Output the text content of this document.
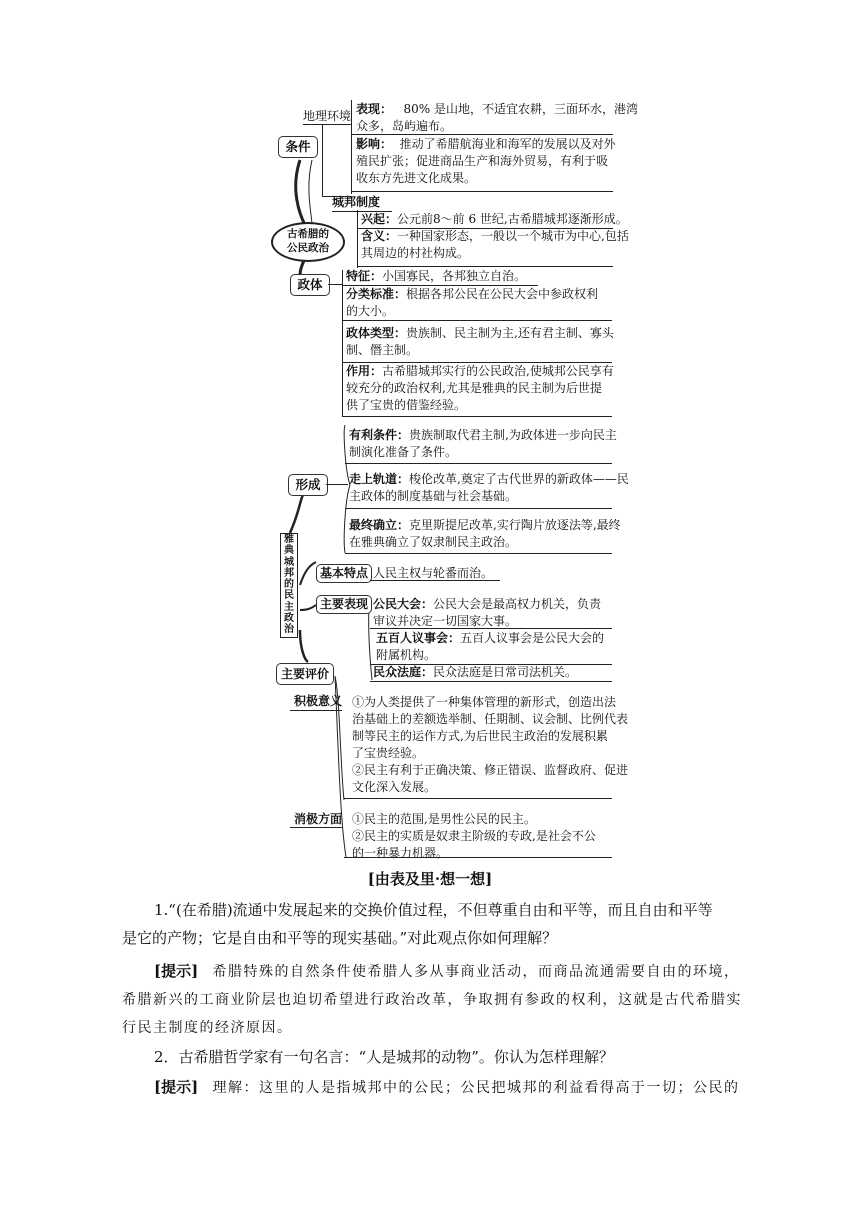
条件
地理环境 表现： 80% 是山地，不适宜农耕，三面环水，港湾
众多，岛屿遍布。
影响： 推动了希腊航海业和海军的发展以及对外
殖民扩张；促进商品生产和海外贸易，有利于吸
收东方先进文化成果。
城邦制度
兴起：公元前8～前 6 世纪,古希腊城邦逐渐形成。
含义：一种国家形态，一般以一个城市为中心,包括
其周边的村社构成。
古希腊的
公民政治
政体
特征：小国寡民，各邦独立自治。
分类标准：根据各邦公民在公民大会中参政权利
的大小。
政体类型：贵族制、民主制为主,还有君主制、寡头
制、僭主制。
作用：古希腊城邦实行的公民政治,使城邦公民享有
较充分的政治权利,尤其是雅典的民主制为后世提
供了宝贵的借鉴经验。
雅
典
城
邦
的
民
主
政
治
形成
有利条件：贵族制取代君主制,为政体进一步向民主
制演化准备了条件。
走上轨道：梭伦改革,奠定了古代世界的新政体——民
主政体的制度基础与社会基础。
最终确立：克里斯提尼改革,实行陶片放逐法等,最终
在雅典确立了奴隶制民主政治。
基本特点 人民主权与轮番而治。
主要表现 公民大会：公民大会是最高权力机关，负责
审议并决定一切国家大事。
五百人议事会：五百人议事会是公民大会的
附属机构。
民众法庭：民众法庭是日常司法机关。
主要评价
积极意义 ①为人类提供了一种集体管理的新形式，创造出法
治基础上的差额选举制、任期制、议会制、比例代表
制等民主的运作方式,为后世民主政治的发展积累
了宝贵经验。
②民主有利于正确决策、修正错误、监督政府、促进
文化深入发展。
消极方面 ①民主的范围,是男性公民的民主。
②民主的实质是奴隶主阶级的专政,是社会不公
的一种暴力机器。
[由表及里·想一想]
1.“(在希腊)流通中发展起来的交换价值过程，不但尊重自由和平等，而且自由和平等
是它的产物；它是自由和平等的现实基础。”对此观点你如何理解？
[提示] 希腊特殊的自然条件使希腊人多从事商业活动，而商品流通需要自由的环境，
希腊新兴的工商业阶层也迫切希望进行政治改革，争取拥有参政的权利，这就是古代希腊实
行民主制度的经济原因。
2．古希腊哲学家有一句名言：“人是城邦的动物”。你认为怎样理解？
[提示] 理解：这里的人是指城邦中的公民；公民把城邦的利益看得高于一切；公民的
